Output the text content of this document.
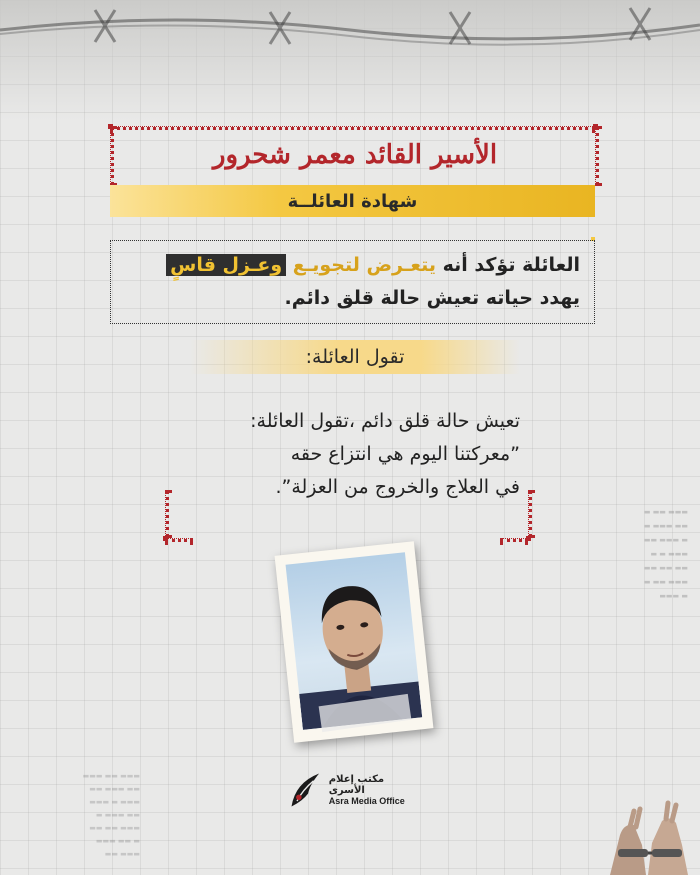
▬▬▬ ▬▬ ▬
▬▬ ▬▬▬ ▬
▬ ▬▬▬ ▬▬
▬▬▬ ▬ ▬
▬▬ ▬▬ ▬▬
▬▬▬ ▬▬ ▬
▬ ▬▬▬
▬▬▬ ▬▬ ▬▬▬
▬▬ ▬▬▬ ▬▬
▬▬▬ ▬ ▬▬▬
▬▬ ▬▬▬ ▬
▬▬▬ ▬▬ ▬▬
▬ ▬▬ ▬▬▬
▬▬▬ ▬▬
الأسير القائد معمر شحرور
شهادة العائلــة
العائلة تؤكد أنه يتعـرض لتجويـع وعـزل قاسٍ
يهدد حياته تعيش حالة قلق دائم.
تقول العائلة:
تعيش حالة قلق دائم ،تقول العائلة:
”معركتنا اليوم هي انتزاع حقه
في العلاج والخروج من العزلة”.
مكتب إعلام الأسرى
Asra Media Office
